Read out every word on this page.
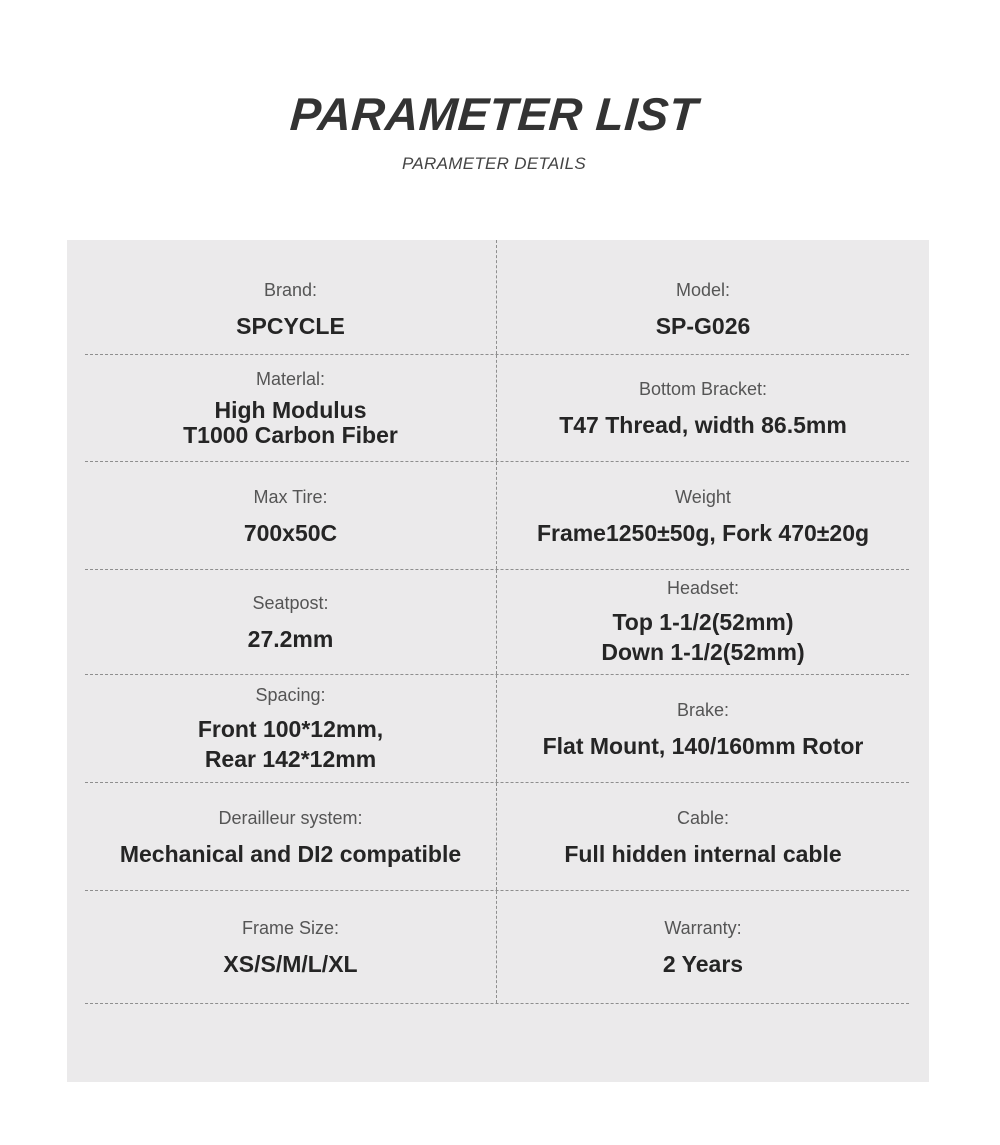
PARAMETER LIST
PARAMETER DETAILS
Brand:
SPCYCLE
Model:
SP-G026
Materlal:
High Modulus
T1000 Carbon Fiber
Bottom Bracket:
T47 Thread, width 86.5mm
Max Tire:
700x50C
Weight
Frame1250±50g, Fork 470±20g
Seatpost:
27.2mm
Headset:
Top 1-1/2(52mm)
Down 1-1/2(52mm)
Spacing:
Front 100*12mm,
Rear 142*12mm
Brake:
Flat Mount, 140/160mm Rotor
Derailleur system:
Mechanical and DI2 compatible
Cable:
Full hidden internal cable
Frame Size:
XS/S/M/L/XL
Warranty:
2 Years
